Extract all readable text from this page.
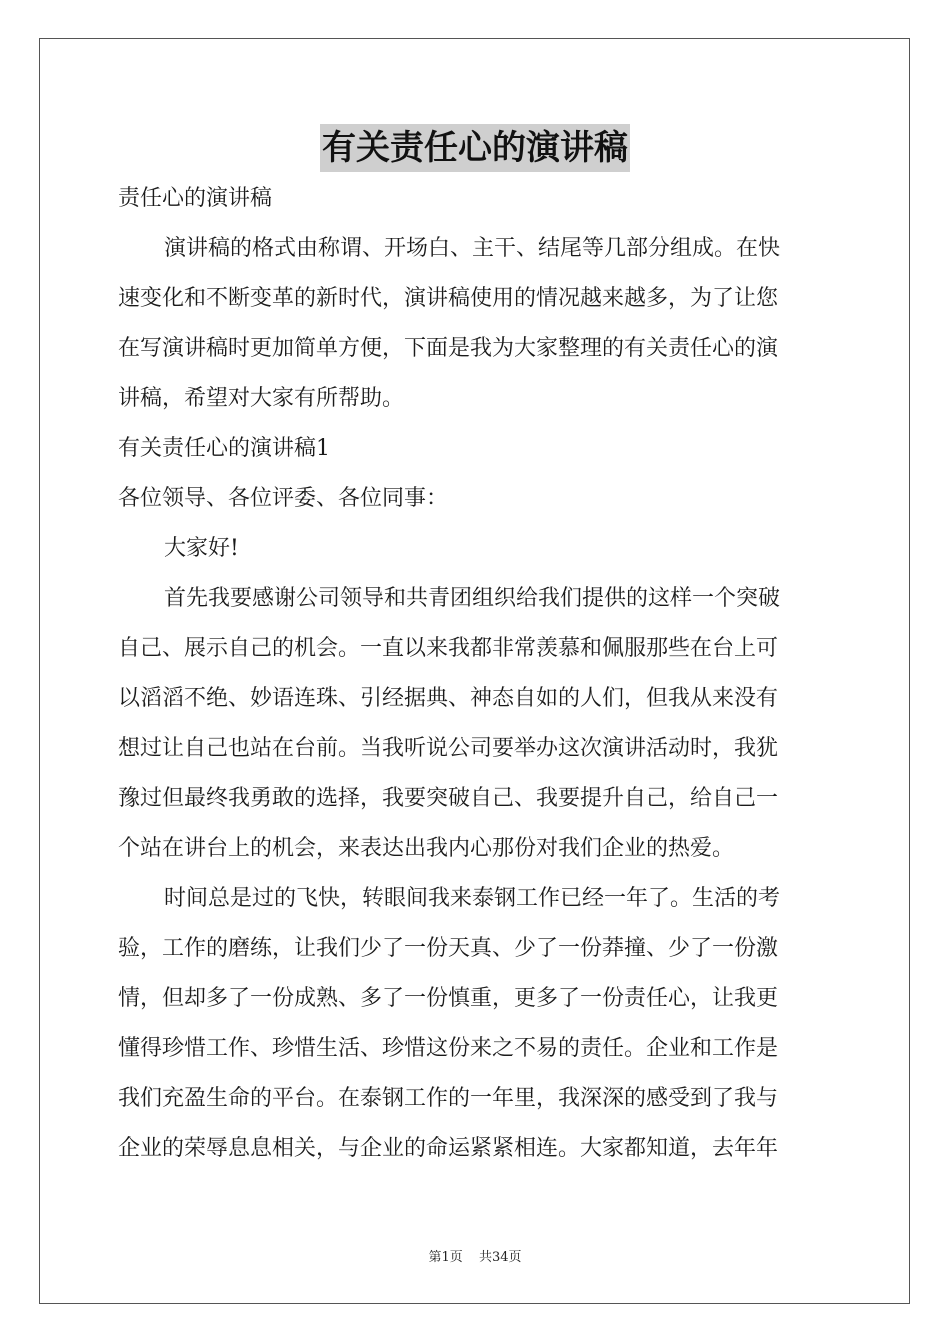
有关责任心的演讲稿
责任心的演讲稿
演讲稿的格式由称谓、开场白、主干、结尾等几部分组成。在快
速变化和不断变革的新时代，演讲稿使用的情况越来越多，为了让您
在写演讲稿时更加简单方便，下面是我为大家整理的有关责任心的演
讲稿，希望对大家有所帮助。
有关责任心的演讲稿1
各位领导、各位评委、各位同事：
大家好!
首先我要感谢公司领导和共青团组织给我们提供的这样一个突破
自己、展示自己的机会。一直以来我都非常羡慕和佩服那些在台上可
以滔滔不绝、妙语连珠、引经据典、神态自如的人们，但我从来没有
想过让自己也站在台前。当我听说公司要举办这次演讲活动时，我犹
豫过但最终我勇敢的选择，我要突破自己、我要提升自己，给自己一
个站在讲台上的机会，来表达出我内心那份对我们企业的热爱。
时间总是过的飞快，转眼间我来泰钢工作已经一年了。生活的考
验，工作的磨练，让我们少了一份天真、少了一份莽撞、少了一份激
情，但却多了一份成熟、多了一份慎重，更多了一份责任心，让我更
懂得珍惜工作、珍惜生活、珍惜这份来之不易的责任。企业和工作是
我们充盈生命的平台。在泰钢工作的一年里，我深深的感受到了我与
企业的荣辱息息相关，与企业的命运紧紧相连。大家都知道，去年年
第1页 共34页
